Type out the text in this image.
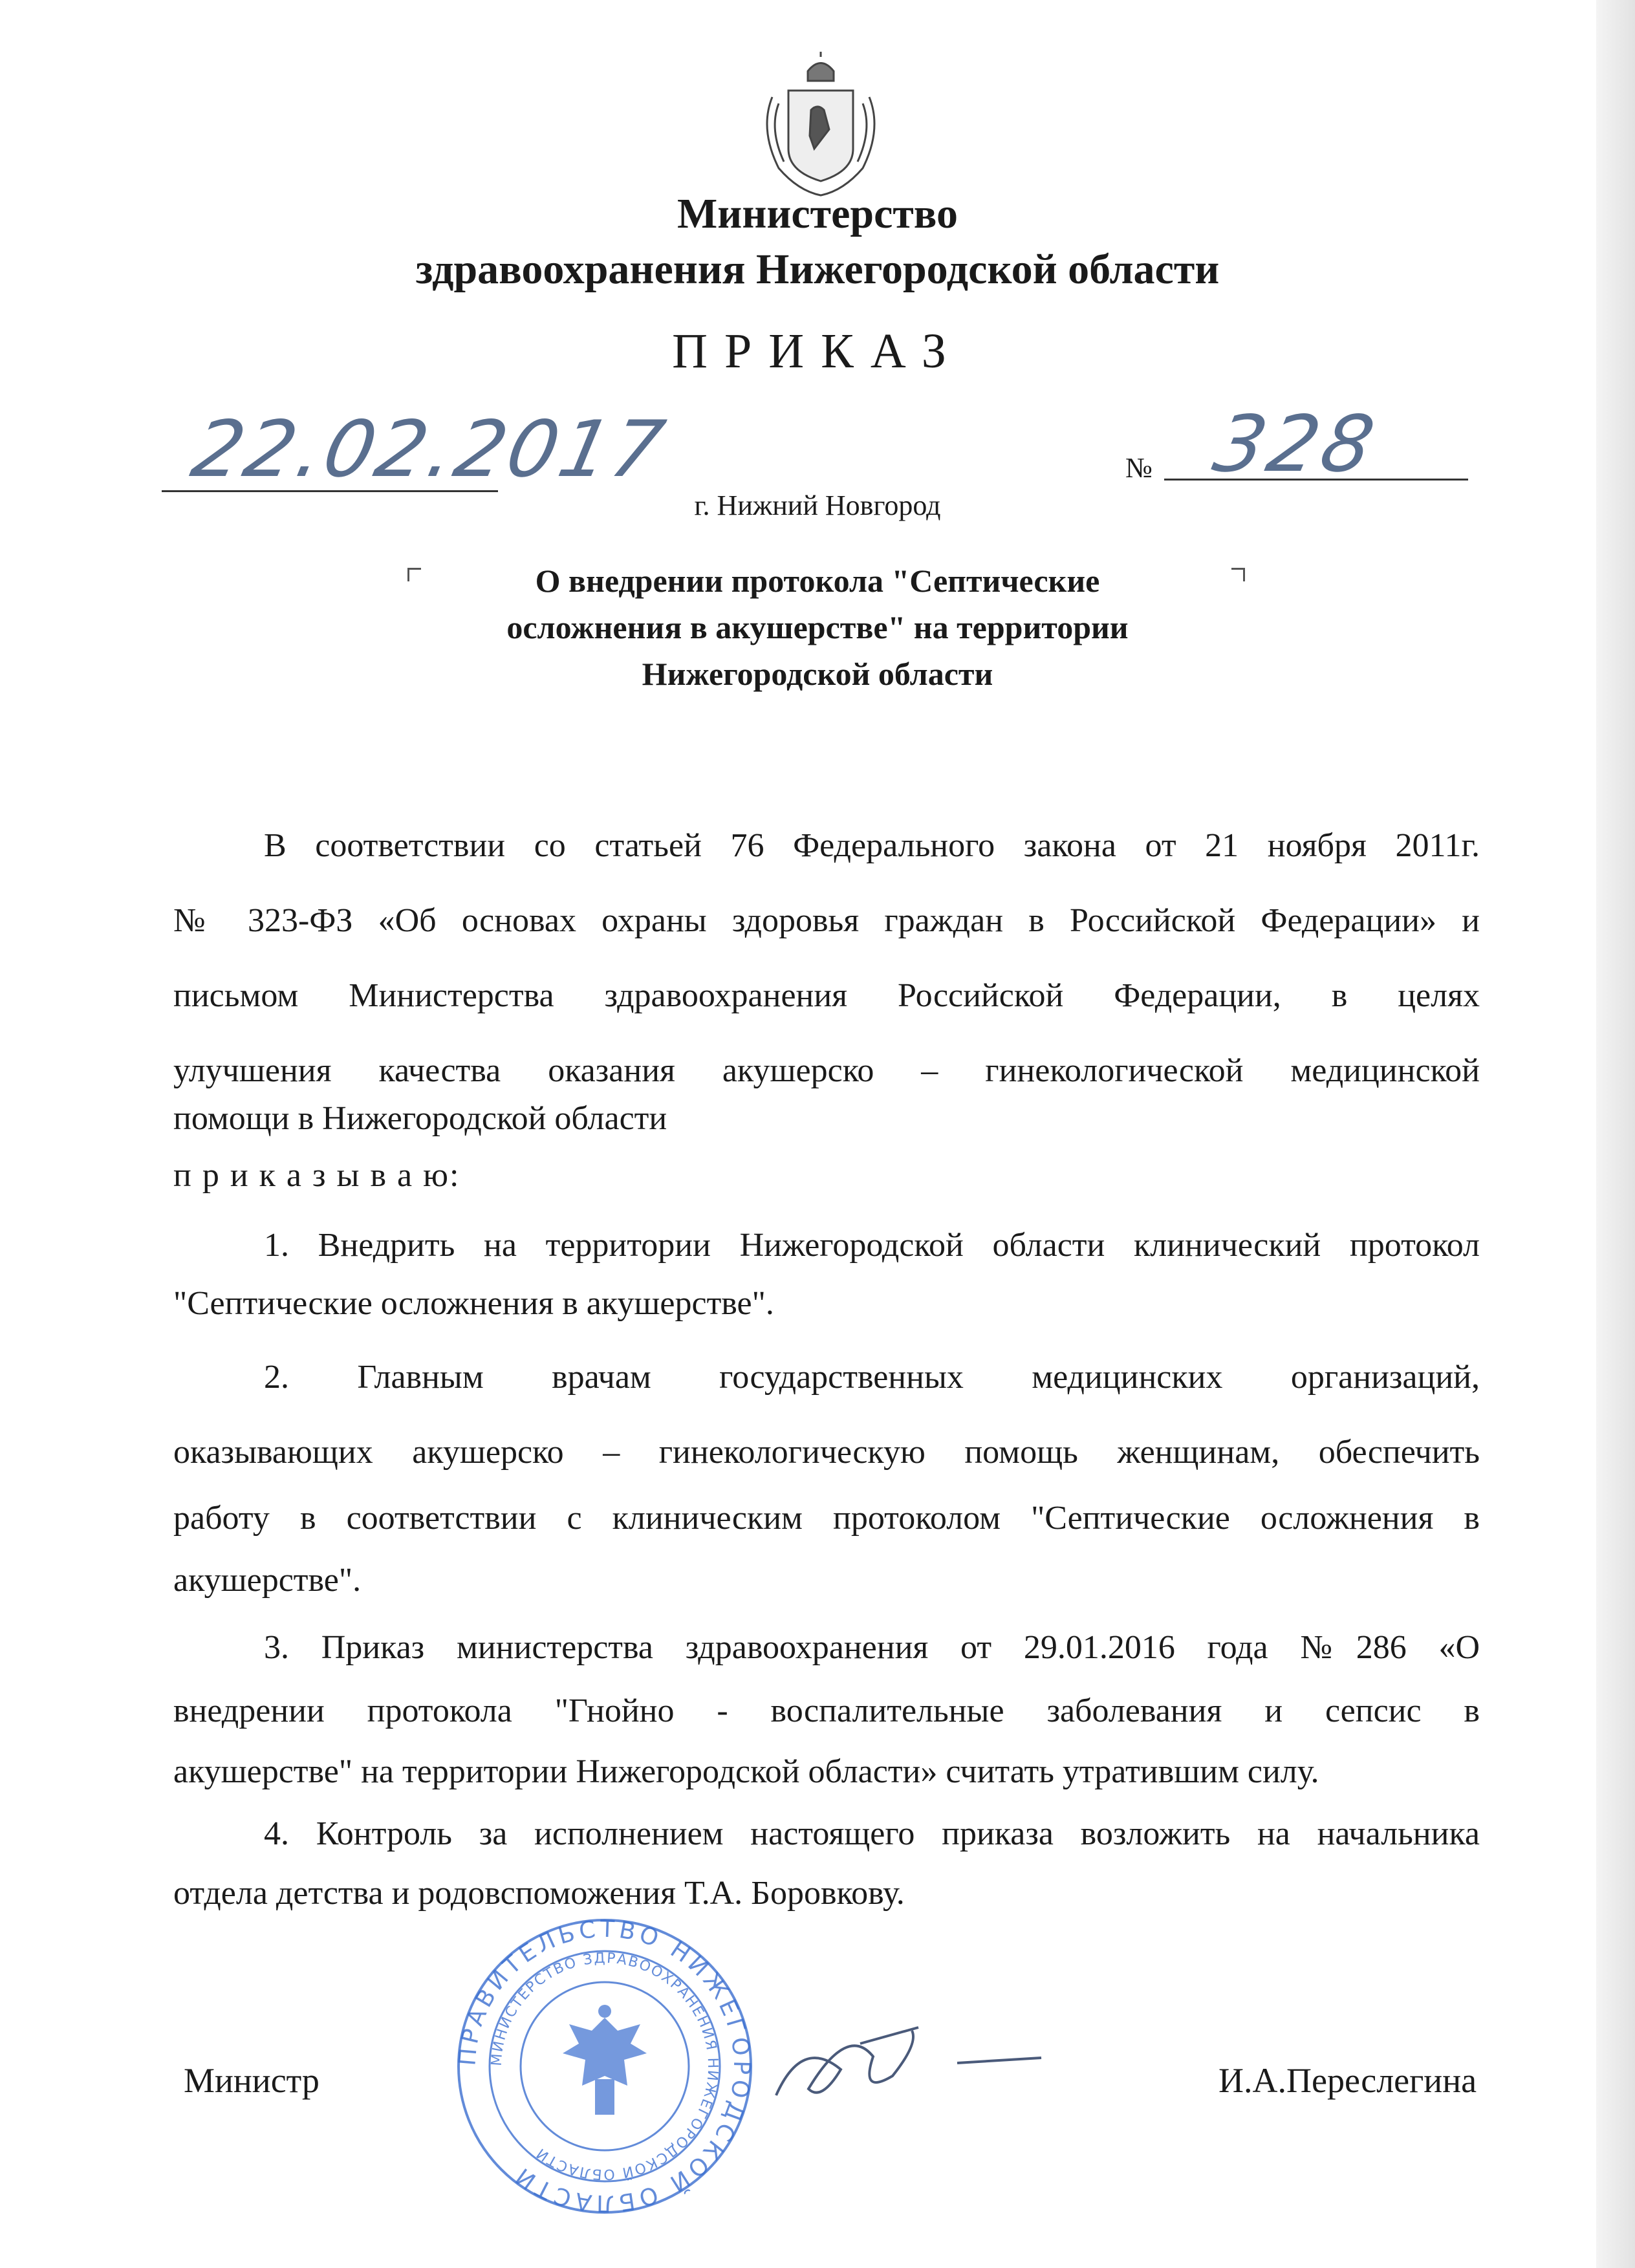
Министерство
здравоохранения Нижегородской области
ПРИКАЗ
22.02.2017	№ 328
г. Нижний Новгород
О внедрении протокола "Септические
осложнения в акушерстве" на территории
Нижегородской области
В соответствии со статьей 76 Федерального закона от 21 ноября 2011г.
№ 323-ФЗ «Об основах охраны здоровья граждан в Российской Федерации» и
письмом Министерства здравоохранения Российской Федерации, в целях
улучшения качества оказания акушерско – гинекологической медицинской
помощи в Нижегородской области
п р и к а з ы в а ю:
1. Внедрить на территории Нижегородской области клинический протокол
"Септические осложнения в акушерстве".
2. Главным врачам государственных медицинских организаций,
оказывающих акушерско – гинекологическую помощь женщинам, обеспечить
работу в соответствии с клиническим протоколом "Септические осложнения в
акушерстве".
3. Приказ министерства здравоохранения от 29.01.2016 года №286 «О
внедрении протокола "Гнойно - воспалительные заболевания и сепсис в
акушерстве" на территории Нижегородской области» считать утратившим силу.
4. Контроль за исполнением настоящего приказа возложить на начальника
отдела детства и родовспоможения Т.А. Боровкову.
ПРАВИТЕЛЬСТВО НИЖЕГОРОДСКОЙ ОБЛАСТИ
МИНИСТЕРСТВО ЗДРАВООХРАНЕНИЯ НИЖЕГОРОДСКОЙ ОБЛАСТИ
Министр	И.А.Переслегина
